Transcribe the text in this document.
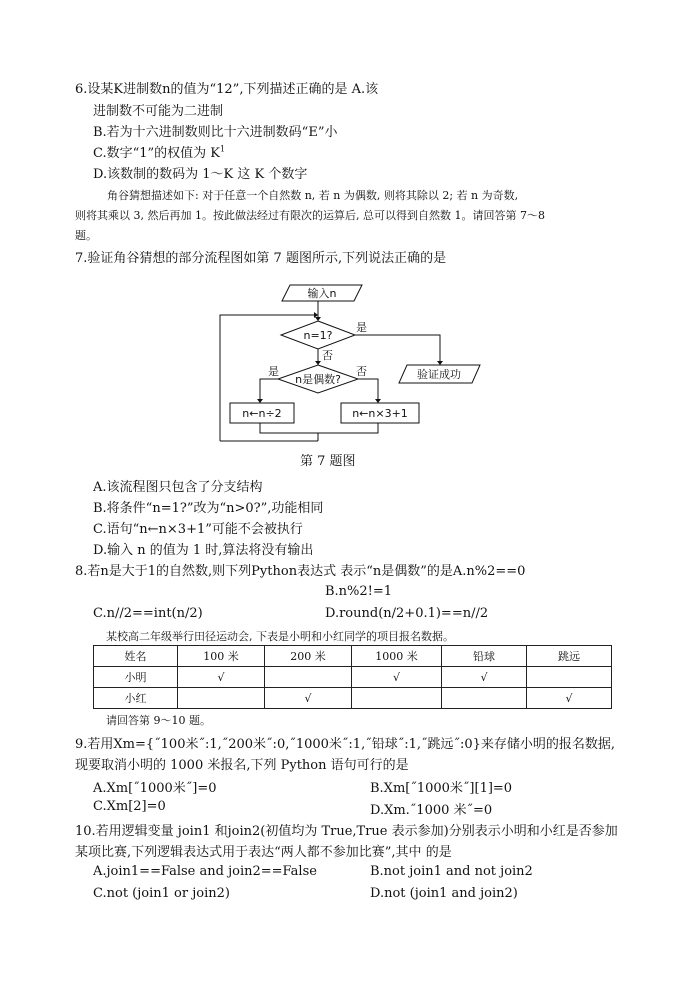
6.设某K进制数n的值为“12”,下列描述正确的是 A.该
进制数不可能为二进制
B.若为十六进制数则比十六进制数码“E”小
C.数字“1”的权值为 $K^1$
D.该数制的数码为 1～K 这 K 个数字
角谷猜想描述如下: 对于任意一个自然数 n, 若 n 为偶数, 则将其除以 2; 若 n 为奇数,
则将其乘以 3, 然后再加 1。按此做法经过有限次的运算后, 总可以得到自然数 1。请回答第 7～8
题。
7.验证角谷猜想的部分流程图如第 7 题图所示,下列说法正确的是
输入n
n=1?
是
否
n是偶数?
是	否
n←n÷2	n←n×3+1
验证成功
第 7 题图
A.该流程图只包含了分支结构
B.将条件“n=1?”改为“n>0?”,功能相同
C.语句“n←n×3+1”可能不会被执行
D.输入 n 的值为 1 时,算法将没有输出
8.若n是大于1的自然数,则下列Python表达式 表示“n是偶数”的是A.n%2==0
B.n%2!=1
C.n//2==int(n/2)	D.round(n/2+0.1)==n//2
某校高二年级举行田径运动会, 下表是小明和小红同学的项目报名数据。
姓名	100 米	200 米	1000 米	铅球	跳远
小明	√		√	√	
小红		√			√
请回答第 9～10 题。
9.若用Xm={˝100米˝:1,˝200米˝:0,˝1000米˝:1,˝铅球˝:1,˝跳远˝:0}来存储小明的报名数据,
现要取消小明的 1000 米报名,下列 Python 语句可行的是
A.Xm[˝1000米˝]=0	B.Xm[˝1000米˝][1]=0
C.Xm[2]=0	D.Xm.˝1000 米˝=0
10.若用逻辑变量 join1 和join2(初值均为 True,True 表示参加)分别表示小明和小红是否参加
某项比赛,下列逻辑表达式用于表达“两人都不参加比赛”,其中 的是
A.join1==False and join2==False	B.not join1 and not join2
C.not (join1 or join2)	D.not (join1 and join2)
